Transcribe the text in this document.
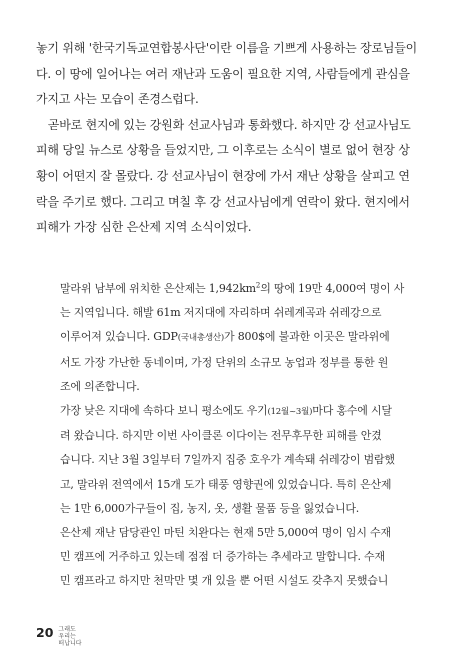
놓기 위해 '한국기독교연합봉사단'이란 이름을 기쁘게 사용하는 장로님들이
다. 이 땅에 일어나는 여러 재난과 도움이 필요한 지역, 사람들에게 관심을
가지고 사는 모습이 존경스럽다.
　곧바로 현지에 있는 강원화 선교사님과 통화했다. 하지만 강 선교사님도
피해 당일 뉴스로 상황을 들었지만, 그 이후로는 소식이 별로 없어 현장 상
황이 어떤지 잘 몰랐다. 강 선교사님이 현장에 가서 재난 상황을 살피고 연
락을 주기로 했다. 그리고 며칠 후 강 선교사님에게 연락이 왔다. 현지에서
피해가 가장 심한 은산제 지역 소식이었다.
말라위 남부에 위치한 은산제는 $1,942km^2$의 땅에 19만 4,000여 명이 사
는 지역입니다. 해발 61m 저지대에 자리하며 쉬레계곡과 쉬레강으로
이루어져 있습니다. GDP(국내총생산)가 800$에 불과한 이곳은 말라위에
서도 가장 가난한 동네이며, 가정 단위의 소규모 농업과 정부를 통한 원
조에 의존합니다.
가장 낮은 지대에 속하다 보니 평소에도 우기(12월~3월)마다 홍수에 시달
려 왔습니다. 하지만 이번 사이클론 이다이는 전무후무한 피해를 안겼
습니다. 지난 3월 3일부터 7일까지 집중 호우가 계속돼 쉬레강이 범람했
고, 말라위 전역에서 15개 도가 태풍 영향권에 있었습니다. 특히 은산제
는 1만 6,000가구들이 집, 농지, 옷, 생활 물품 등을 잃었습니다.
은산제 재난 담당관인 마틴 치완다는 현재 5만 5,000여 명이 임시 수재
민 캠프에 거주하고 있는데 점점 더 증가하는 추세라고 말합니다. 수재
민 캠프라고 하지만 천막만 몇 개 있을 뿐 어떤 시설도 갖추지 못했습니
20 그래도
우리는
떠납니다
